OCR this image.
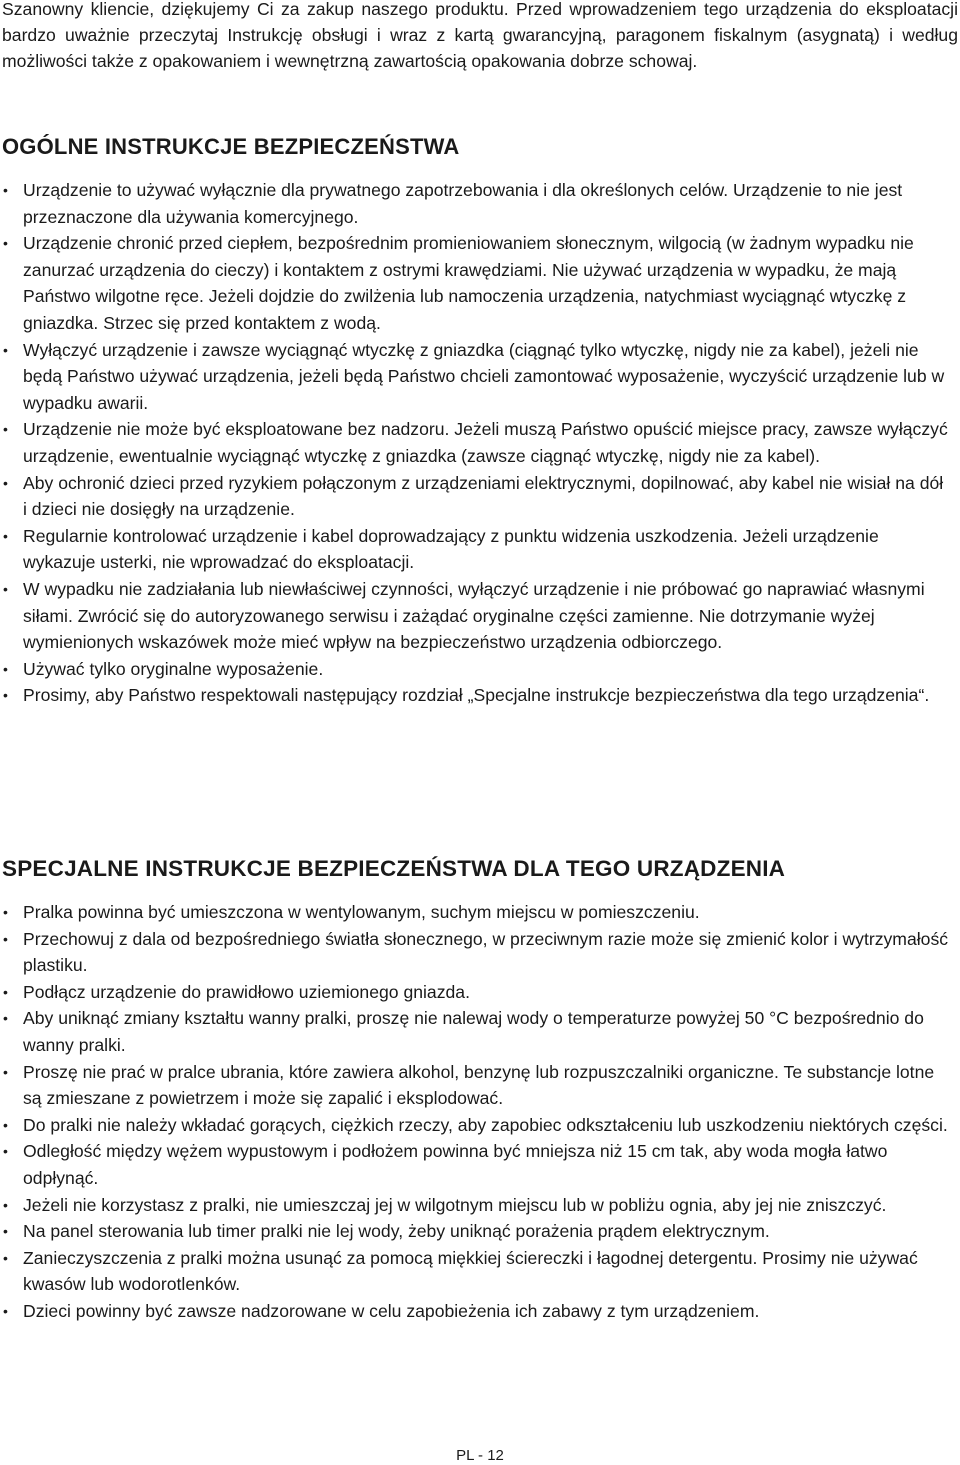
Szanowny kliencie, dziękujemy Ci za zakup naszego produktu. Przed wprowadzeniem tego urządzenia do eksploatacji bardzo uważnie przeczytaj Instrukcję obsługi i wraz z kartą gwarancyjną, paragonem fiskalnym (asygnatą) i według możliwości także z opakowaniem i wewnętrzną zawartością opakowania dobrze schowaj.

OGÓLNE INSTRUKCJE BEZPIECZEŃSTWA
• Urządzenie to używać wyłącznie dla prywatnego zapotrzebowania i dla określonych celów. Urządzenie to nie jest przeznaczone dla używania komercyjnego.
• Urządzenie chronić przed ciepłem, bezpośrednim promieniowaniem słonecznym, wilgocią (w żadnym wypadku nie zanurzać urządzenia do cieczy) i kontaktem z ostrymi krawędziami. Nie używać urządzenia w wypadku, że mają Państwo wilgotne ręce. Jeżeli dojdzie do zwilżenia lub namoczenia urządzenia, natychmiast wyciągnąć wtyczkę z gniazdka. Strzec się przed kontaktem z wodą.
• Wyłączyć urządzenie i zawsze wyciągnąć wtyczkę z gniazdka (ciągnąć tylko wtyczkę, nigdy nie za kabel), jeżeli nie będą Państwo używać urządzenia, jeżeli będą Państwo chcieli zamontować wyposażenie, wyczyścić urządzenie lub w wypadku awarii.
• Urządzenie nie może być eksploatowane bez nadzoru. Jeżeli muszą Państwo opuścić miejsce pracy, zawsze wyłączyć urządzenie, ewentualnie wyciągnąć wtyczkę z gniazdka (zawsze ciągnąć wtyczkę, nigdy nie za kabel).
• Aby ochronić dzieci przed ryzykiem połączonym z urządzeniami elektrycznymi, dopilnować, aby kabel nie wisiał na dół i dzieci nie dosięgły na urządzenie.
• Regularnie kontrolować urządzenie i kabel doprowadzający z punktu widzenia uszkodzenia. Jeżeli urządzenie wykazuje usterki, nie wprowadzać do eksploatacji.
• W wypadku nie zadziałania lub niewłaściwej czynności, wyłączyć urządzenie i nie próbować go naprawiać własnymi siłami. Zwrócić się do autoryzowanego serwisu i zażądać oryginalne części zamienne. Nie dotrzymanie wyżej wymienionych wskazówek może mieć wpływ na bezpieczeństwo urządzenia odbiorczego.
• Używać tylko oryginalne wyposażenie.
• Prosimy, aby Państwo respektowali następujący rozdział „Specjalne instrukcje bezpieczeństwa dla tego urządzenia“.
SPECJALNE INSTRUKCJE BEZPIECZEŃSTWA DLA TEGO URZĄDZENIA
• Pralka powinna być umieszczona w wentylowanym, suchym miejscu w pomieszczeniu.
• Przechowuj z dala od bezpośredniego światła słonecznego, w przeciwnym razie może się zmienić kolor i wytrzymałość plastiku.
• Podłącz urządzenie do prawidłowo uziemionego gniazda.
• Aby uniknąć zmiany kształtu wanny pralki, proszę nie nalewaj wody o temperaturze powyżej 50 °C bezpośrednio do wanny pralki.
• Proszę nie prać w pralce ubrania, które zawiera alkohol, benzynę lub rozpuszczalniki organiczne. Te substancje lotne są zmieszane z powietrzem i może się zapalić i eksplodować.
• Do pralki nie należy wkładać gorących, ciężkich rzeczy, aby zapobiec odkształceniu lub uszkodzeniu niektórych części.
• Odległość między wężem wypustowym i podłożem powinna być mniejsza niż 15 cm tak, aby woda mogła łatwo odpłynąć.
• Jeżeli nie korzystasz z pralki, nie umieszczaj jej w wilgotnym miejscu lub w pobliżu ognia, aby jej nie zniszczyć.
• Na panel sterowania lub timer pralki nie lej wody, żeby uniknąć porażenia prądem elektrycznym.
• Zanieczyszczenia z pralki można usunąć za pomocą miękkiej ściereczki i łagodnej detergentu. Prosimy nie używać kwasów lub wodorotlenków.
• Dzieci powinny być zawsze nadzorowane w celu zapobieżenia ich zabawy z tym urządzeniem.

PL - 12
